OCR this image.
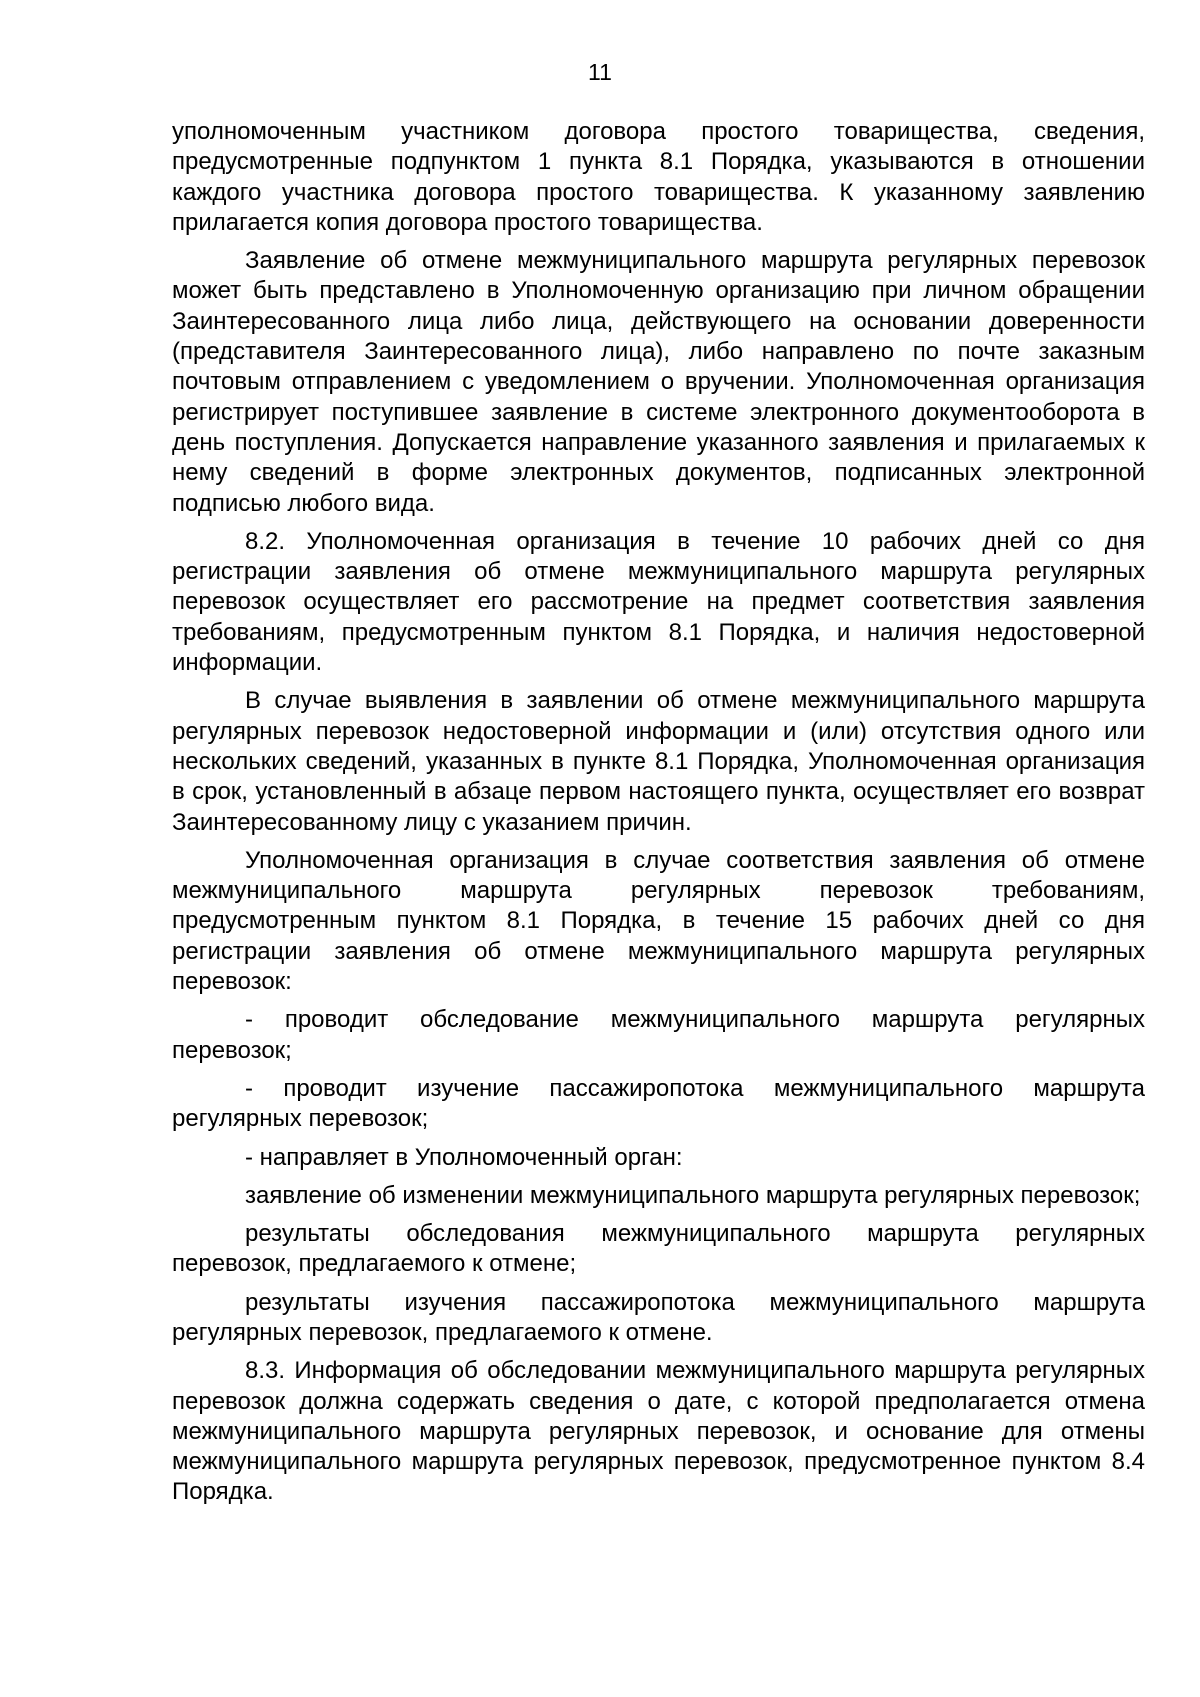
11

уполномоченным участником договора простого товарищества, сведения, предусмотренные подпунктом 1 пункта 8.1 Порядка, указываются в отношении каждого участника договора простого товарищества. К указанному заявлению прилагается копия договора простого товарищества.

Заявление об отмене межмуниципального маршрута регулярных перевозок может быть представлено в Уполномоченную организацию при личном обращении Заинтересованного лица либо лица, действующего на основании доверенности (представителя Заинтересованного лица), либо направлено по почте заказным почтовым отправлением с уведомлением о вручении. Уполномоченная организация регистрирует поступившее заявление в системе электронного документооборота в день поступления. Допускается направление указанного заявления и прилагаемых к нему сведений в форме электронных документов, подписанных электронной подписью любого вида.

8.2. Уполномоченная организация в течение 10 рабочих дней со дня регистрации заявления об отмене межмуниципального маршрута регулярных перевозок осуществляет его рассмотрение на предмет соответствия заявления требованиям, предусмотренным пунктом 8.1 Порядка, и наличия недостоверной информации.

В случае выявления в заявлении об отмене межмуниципального маршрута регулярных перевозок недостоверной информации и (или) отсутствия одного или нескольких сведений, указанных в пункте 8.1 Порядка, Уполномоченная организация в срок, установленный в абзаце первом настоящего пункта, осуществляет его возврат Заинтересованному лицу с указанием причин.

Уполномоченная организация в случае соответствия заявления об отмене межмуниципального маршрута регулярных перевозок требованиям, предусмотренным пунктом 8.1 Порядка, в течение 15 рабочих дней со дня регистрации заявления об отмене межмуниципального маршрута регулярных перевозок:

- проводит обследование межмуниципального маршрута регулярных перевозок;

- проводит изучение пассажиропотока межмуниципального маршрута регулярных перевозок;

- направляет в Уполномоченный орган:

заявление об изменении межмуниципального маршрута регулярных перевозок;

результаты обследования межмуниципального маршрута регулярных перевозок, предлагаемого к отмене;

результаты изучения пассажиропотока межмуниципального маршрута регулярных перевозок, предлагаемого к отмене.

8.3. Информация об обследовании межмуниципального маршрута регулярных перевозок должна содержать сведения о дате, с которой предполагается отмена межмуниципального маршрута регулярных перевозок, и основание для отмены межмуниципального маршрута регулярных перевозок, предусмотренное пунктом 8.4 Порядка.
